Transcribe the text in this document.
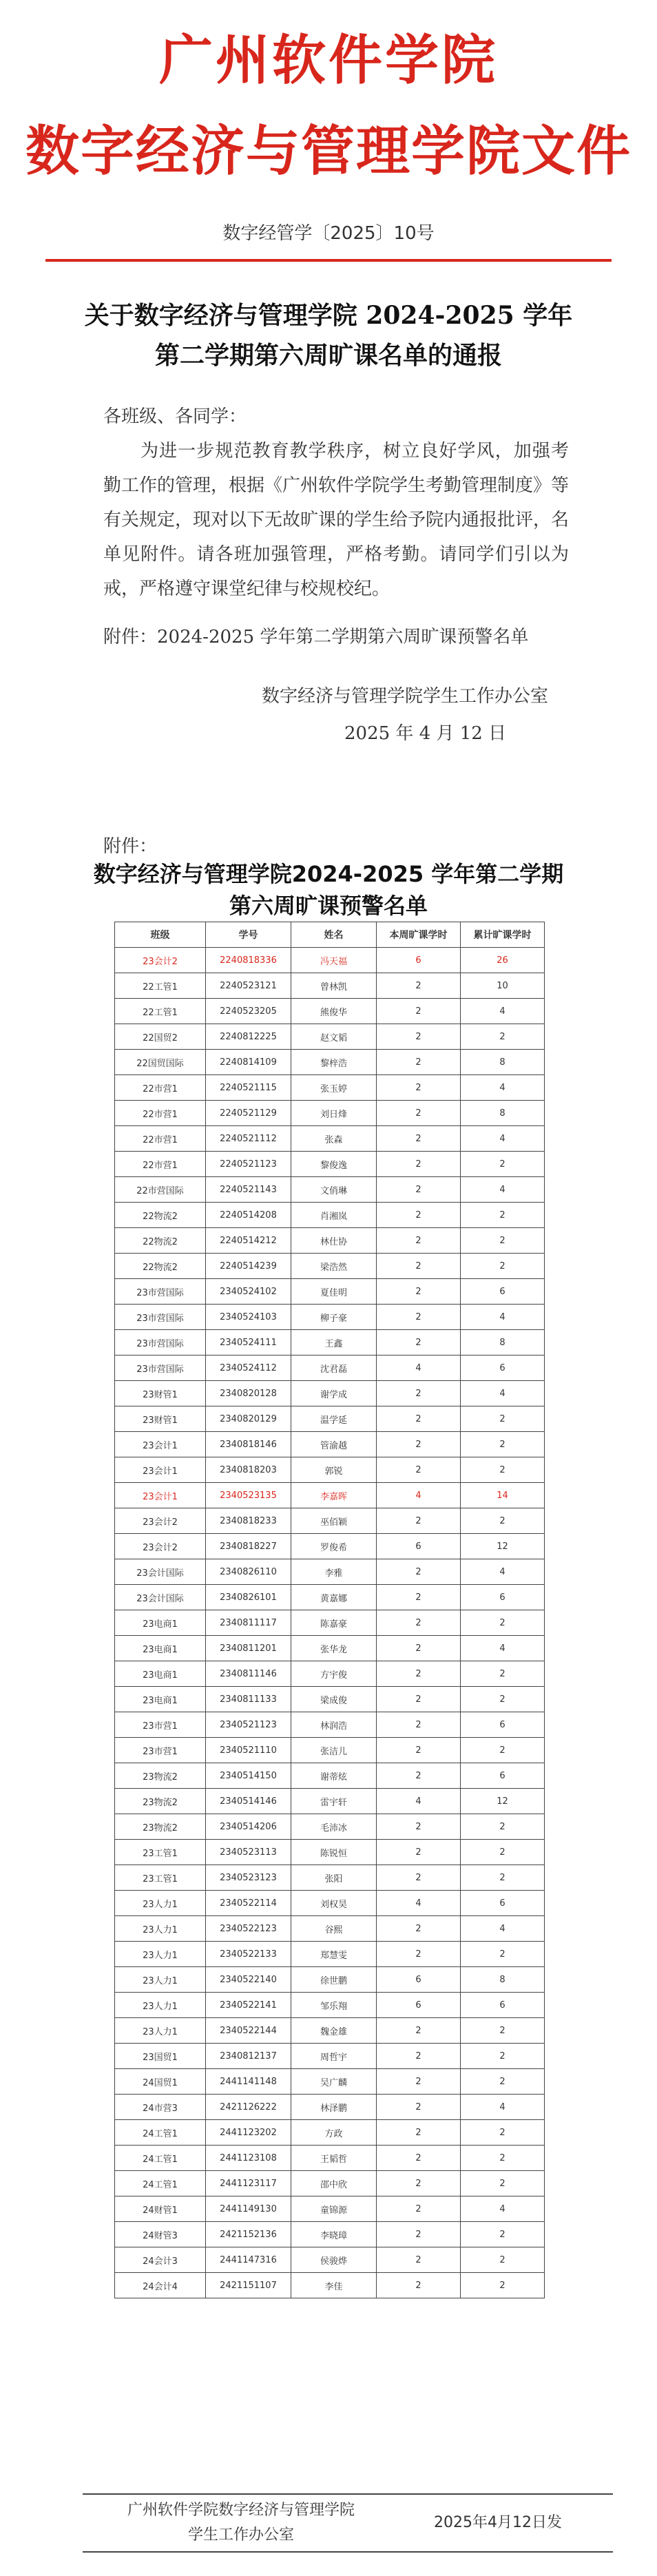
广州软件学院
数字经济与管理学院文件
数字经管学〔2025〕10号
关于数字经济与管理学院 2024-2025 学年
第二学期第六周旷课名单的通报
各班级、各同学：
为进一步规范教育教学秩序，树立良好学风，加强考勤工作的管理，根据《广州软件学院学生考勤管理制度》等有关规定，现对以下无故旷课的学生给予院内通报批评，名单见附件。请各班加强管理，严格考勤。请同学们引以为戒，严格遵守课堂纪律与校规校纪。
附件：2024-2025 学年第二学期第六周旷课预警名单
数字经济与管理学院学生工作办公室
2025 年 4 月 12 日
附件：
数字经济与管理学院2024-2025 学年第二学期
第六周旷课预警名单
班级	学号	姓名	本周旷课学时	累计旷课学时
23会计2	2240818336	冯天福	6	26
22工管1	2240523121	曾林凯	2	10
22工管1	2240523205	熊俊华	2	4
22国贸2	2240812225	赵文韬	2	2
22国贸国际	2240814109	黎梓浩	2	8
22市营1	2240521115	张玉婷	2	4
22市营1	2240521129	刘日烽	2	8
22市营1	2240521112	张森	2	4
22市营1	2240521123	黎俊逸	2	2
22市营国际	2240521143	文俏琳	2	4
22物流2	2240514208	肖湘岚	2	2
22物流2	2240514212	林仕协	2	2
22物流2	2240514239	梁浩然	2	2
23市营国际	2340524102	夏佳明	2	6
23市营国际	2340524103	柳子豪	2	4
23市营国际	2340524111	王鑫	2	8
23市营国际	2340524112	沈君磊	4	6
23财管1	2340820128	谢学成	2	4
23财管1	2340820129	温学延	2	2
23会计1	2340818146	管渝越	2	2
23会计1	2340818203	郭锐	2	2
23会计1	2340523135	李嘉晖	4	14
23会计2	2340818233	巫佰颖	2	2
23会计2	2340818227	罗俊希	6	12
23会计国际	2340826110	李雅	2	4
23会计国际	2340826101	黄嘉娜	2	6
23电商1	2340811117	陈嘉豪	2	2
23电商1	2340811201	张华龙	2	4
23电商1	2340811146	方宇俊	2	2
23电商1	2340811133	梁成俊	2	2
23市营1	2340521123	林润浩	2	6
23市营1	2340521110	张洁儿	2	2
23物流2	2340514150	谢蒂炫	2	6
23物流2	2340514146	雷宇轩	4	12
23物流2	2340514206	毛沛冰	2	2
23工管1	2340523113	陈锐恒	2	2
23工管1	2340523123	张阳	2	2
23人力1	2340522114	刘权昊	4	6
23人力1	2340522123	谷熙	2	4
23人力1	2340522133	郑慧雯	2	2
23人力1	2340522140	徐世鹏	6	8
23人力1	2340522141	邹乐翔	6	6
23人力1	2340522144	魏金雄	2	2
23国贸1	2340812137	周哲宇	2	2
24国贸1	2441141148	吴广麟	2	2
24市营3	2421126222	林泽鹏	2	4
24工管1	2441123202	方政	2	2
24工管1	2441123108	王韬哲	2	2
24工管1	2441123117	邵中欣	2	2
24财管1	2441149130	童锦源	2	4
24财管3	2421152136	李晓璋	2	2
24会计3	2441147316	侯骏烨	2	2
24会计4	2421151107	李佳	2	2
广州软件学院数字经济与管理学院
学生工作办公室
2025年4月12日发
